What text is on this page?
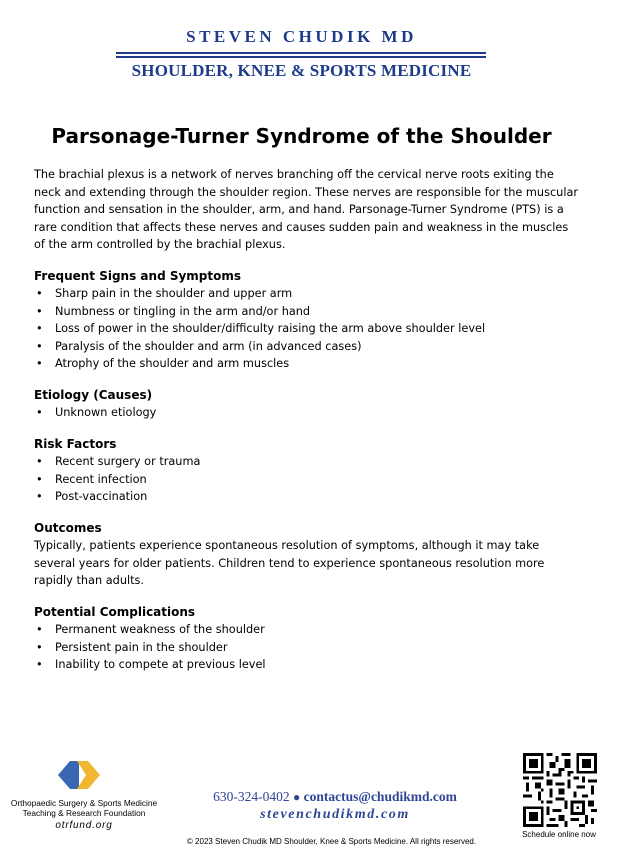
STEVEN CHUDIK MD
SHOULDER, KNEE & SPORTS MEDICINE
Parsonage-Turner Syndrome of the Shoulder

The brachial plexus is a network of nerves branching off the cervical nerve roots exiting the neck and extending through the shoulder region. These nerves are responsible for the muscular function and sensation in the shoulder, arm, and hand. Parsonage-Turner Syndrome (PTS) is a rare condition that affects these nerves and causes sudden pain and weakness in the muscles of the arm controlled by the brachial plexus.

Frequent Signs and Symptoms

• Sharp pain in the shoulder and upper arm
• Numbness or tingling in the arm and/or hand
• Loss of power in the shoulder/difficulty raising the arm above shoulder level
• Paralysis of the shoulder and arm (in advanced cases)
• Atrophy of the shoulder and arm muscles

Etiology (Causes)

• Unknown etiology

Risk Factors

• Recent surgery or trauma
• Recent infection
• Post-vaccination

Outcomes

Typically, patients experience spontaneous resolution of symptoms, although it may take several years for older patients. Children tend to experience spontaneous resolution more rapidly than adults.

Potential Complications

• Permanent weakness of the shoulder
• Persistent pain in the shoulder
• Inability to compete at previous level
Orthopaedic Surgery & Sports Medicine
Teaching & Research Foundation
otrfund.org
630-324-0402 ● contactus@chudikmd.com
stevenchudikmd.com
Schedule online now
© 2023 Steven Chudik MD Shoulder, Knee & Sports Medicine. All rights reserved.
